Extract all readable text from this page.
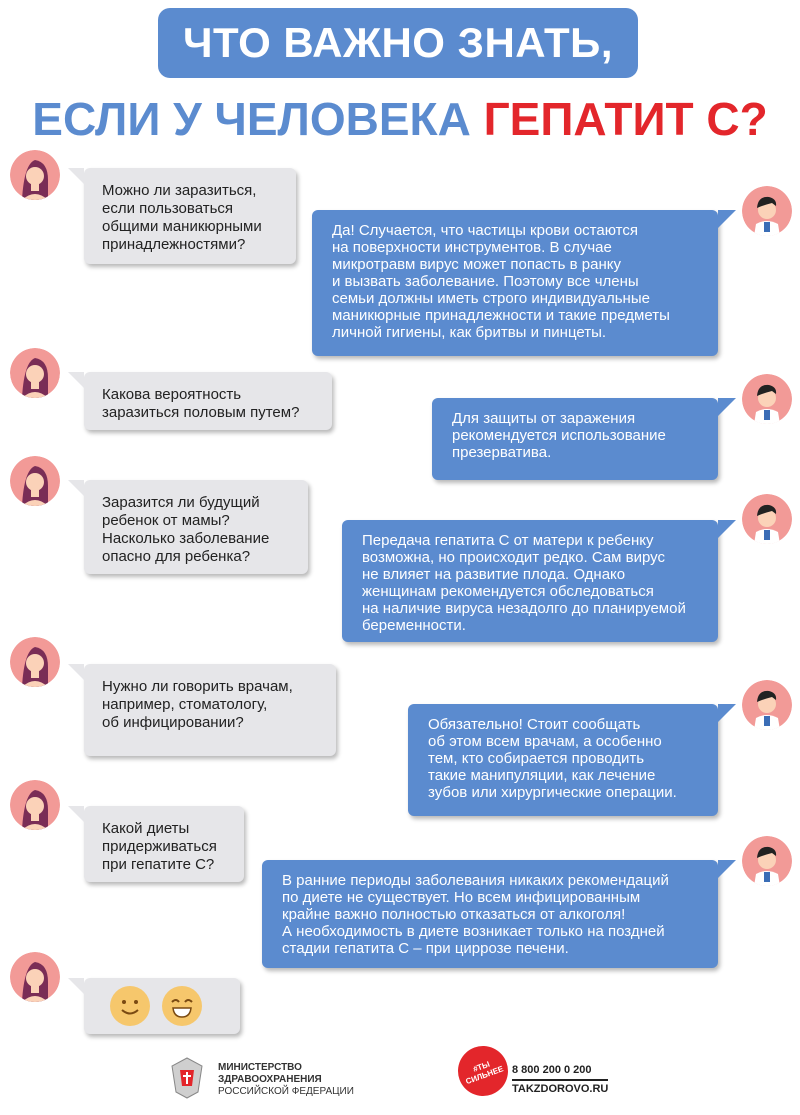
ЧТО ВАЖНО ЗНАТЬ,
ЕСЛИ У ЧЕЛОВЕКА ГЕПАТИТ С?
Можно ли заразиться,
если пользоваться
общими маникюрными
принадлежностями?
Какова вероятность
заразиться половым путем?
Заразится ли будущий
ребенок от мамы?
Насколько заболевание
опасно для ребенка?
Нужно ли говорить врачам,
например, стоматологу,
об инфицировании?
Какой диеты
придерживаться
при гепатите С?
Да! Случается, что частицы крови остаются
на поверхности инструментов. В случае
микротравм вирус может попасть в ранку
и вызвать заболевание. Поэтому все члены
семьи должны иметь строго индивидуальные
маникюрные принадлежности и такие предметы
личной гигиены, как бритвы и пинцеты.
Для защиты от заражения
рекомендуется использование
презерватива.
Передача гепатита С от матери к ребенку
возможна, но происходит редко. Сам вирус
не влияет на развитие плода. Однако
женщинам рекомендуется обследоваться
на наличие вируса незадолго до планируемой
беременности.
Обязательно! Стоит сообщать
об этом всем врачам, а особенно
тем, кто собирается проводить
такие манипуляции, как лечение
зубов или хирургические операции.
В ранние периоды заболевания никаких рекомендаций
по диете не существует. Но всем инфицированным
крайне важно полностью отказаться от алкоголя!
А необходимость в диете возникает только на поздней
стадии гепатита С – при циррозе печени.

МИНИСТЕРСТВО
ЗДРАВООХРАНЕНИЯ
РОССИЙСКОЙ ФЕДЕРАЦИИ
#ТЫ СИЛЬНЕЕ 8 800 200 0 200
TAKZDOROVO.RU
